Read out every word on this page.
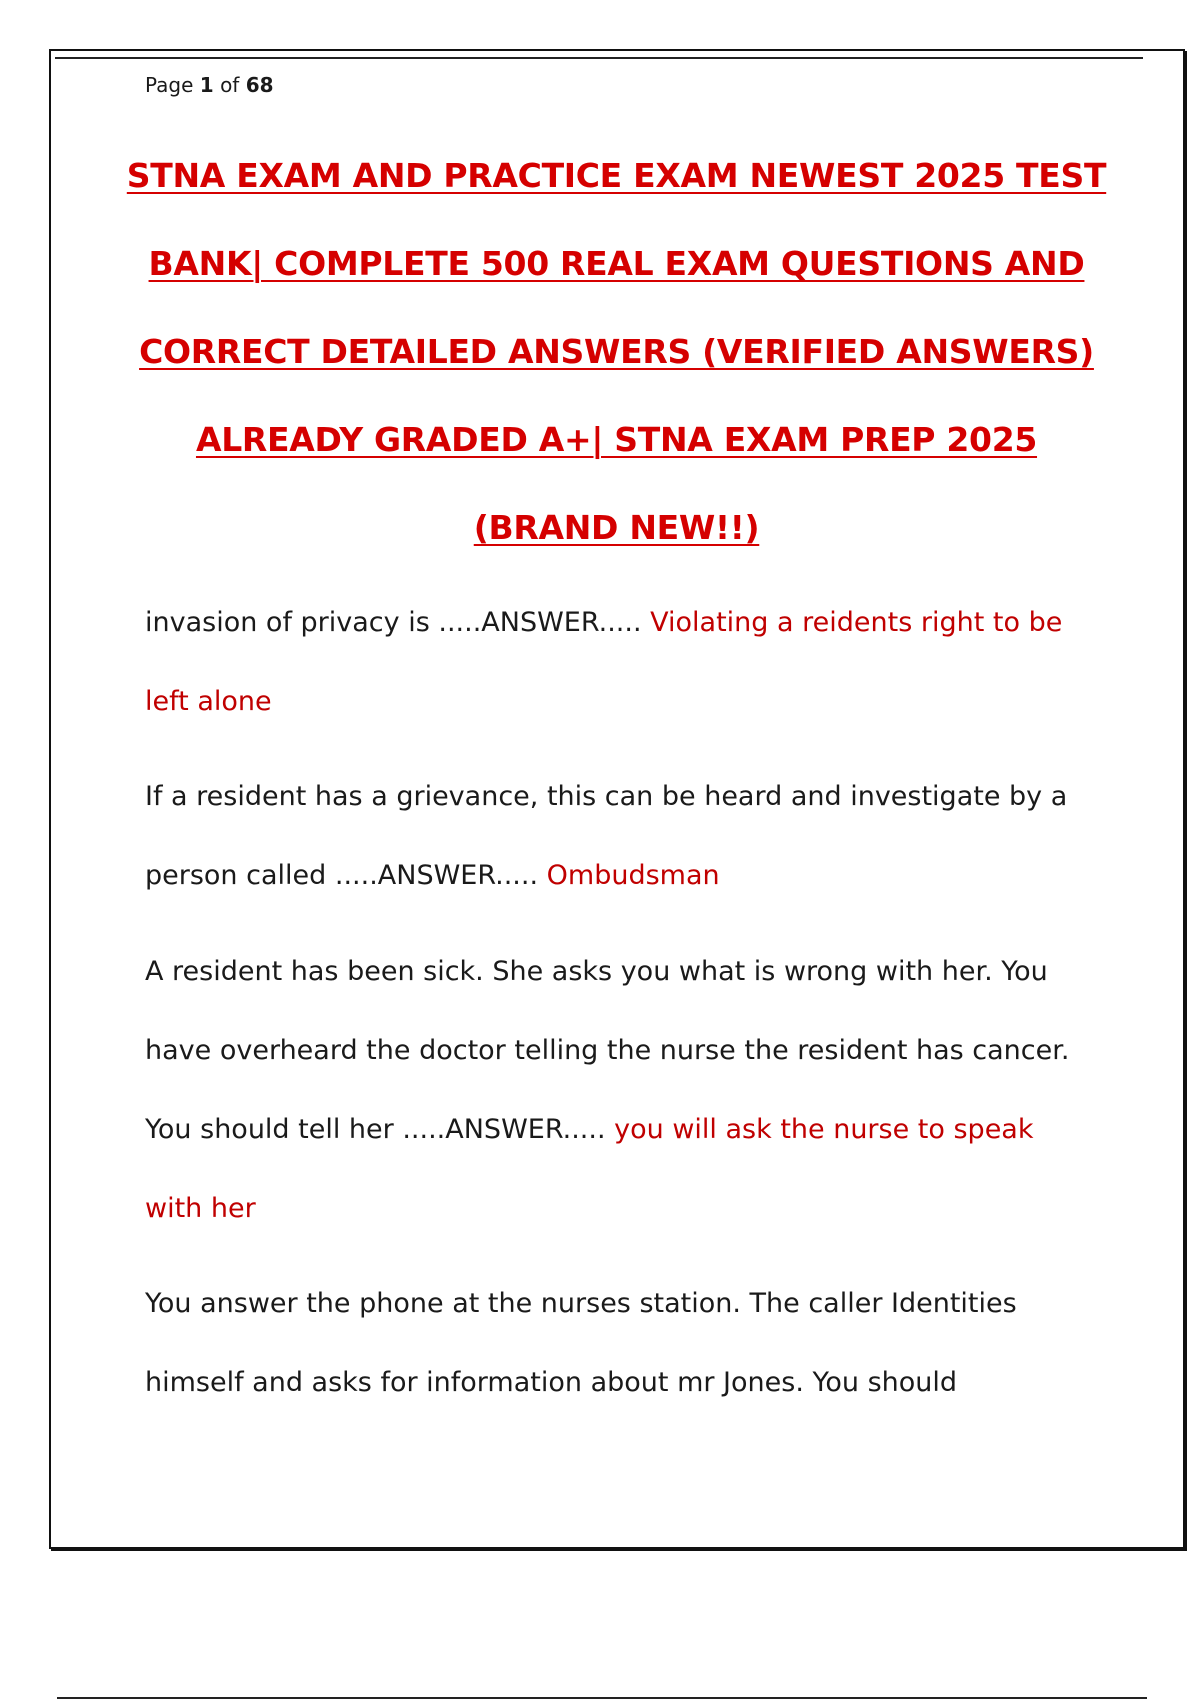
Page 1 of 68
STNA EXAM AND PRACTICE EXAM NEWEST 2025 TEST
BANK| COMPLETE 500 REAL EXAM QUESTIONS AND
CORRECT DETAILED ANSWERS (VERIFIED ANSWERS)
ALREADY GRADED A+| STNA EXAM PREP 2025
(BRAND NEW!!)

invasion of privacy is .....ANSWER..... Violating a reidents right to be left alone

If a resident has a grievance, this can be heard and investigate by a person called .....ANSWER..... Ombudsman

A resident has been sick. She asks you what is wrong with her. You have overheard the doctor telling the nurse the resident has cancer. You should tell her .....ANSWER..... you will ask the nurse to speak with her

You answer the phone at the nurses station. The caller Identities himself and asks for information about mr Jones. You should
